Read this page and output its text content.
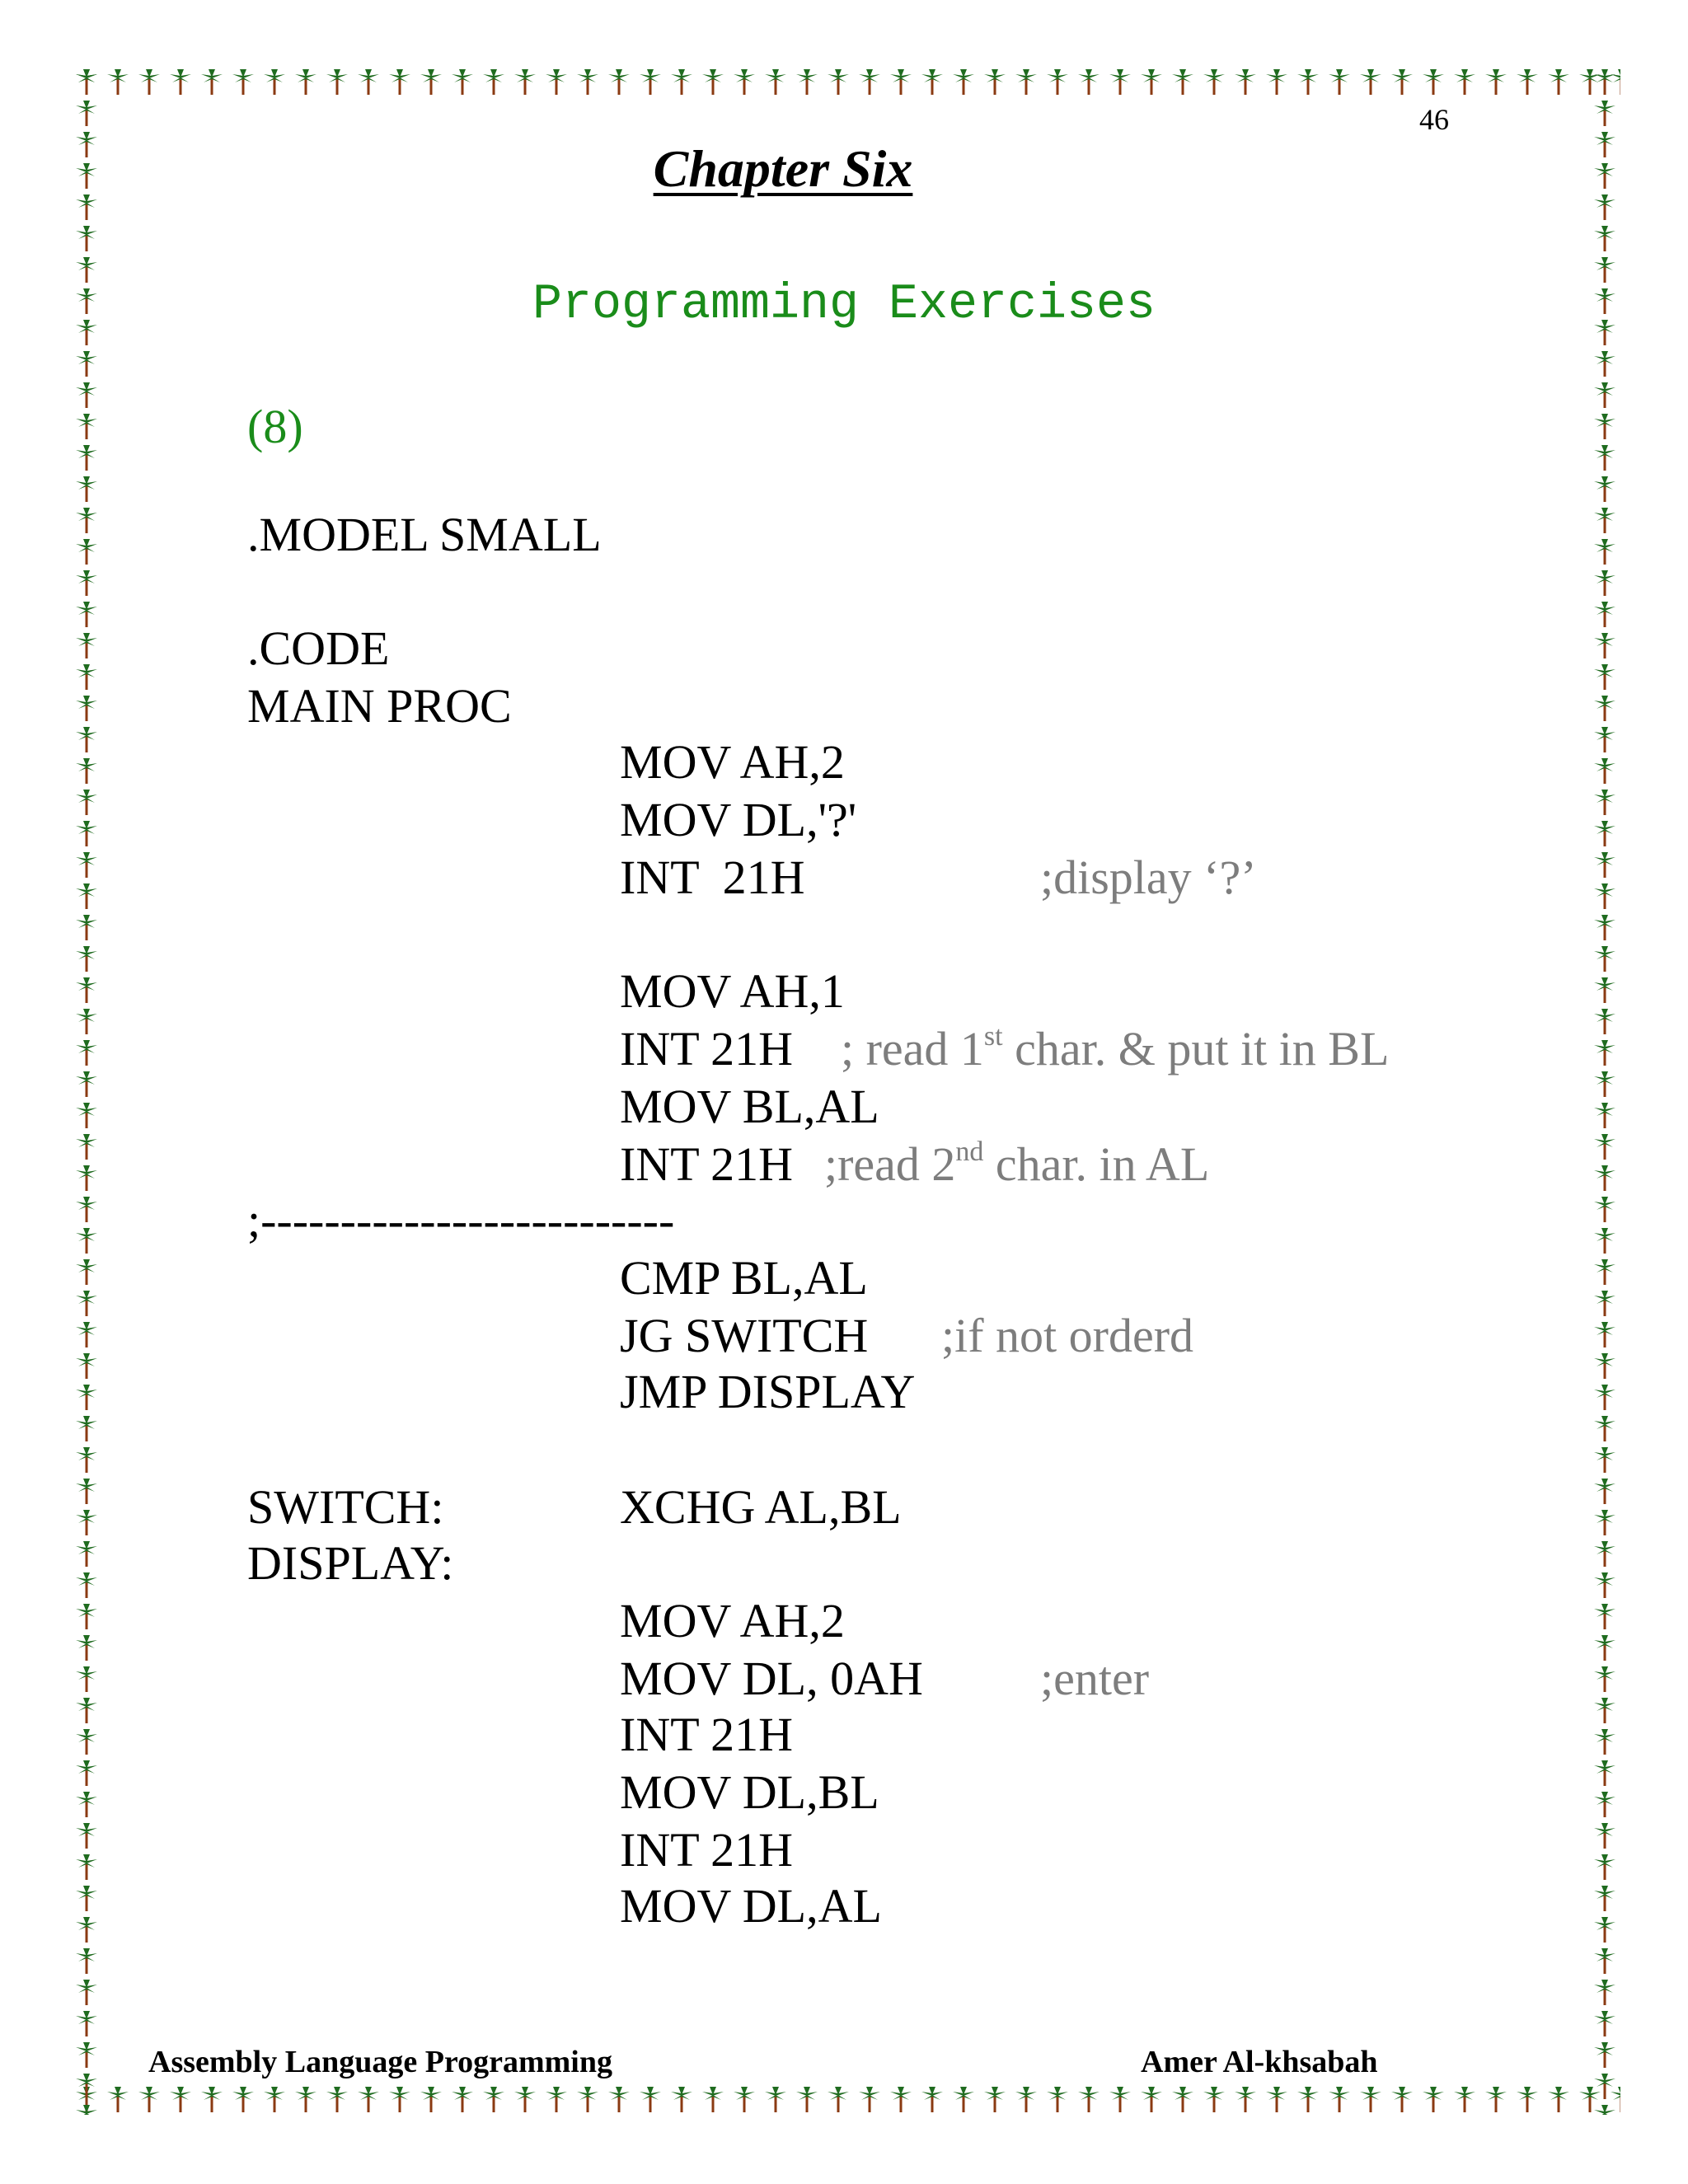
46
Chapter Six
Programming Exercises
(8)
.MODEL SMALL
.CODE
MAIN PROC
MOV AH,2
MOV DL,'?'
INT  21H	;display ‘?’
MOV AH,1
INT 21H ; read 1st char. & put it in BL
MOV BL,AL
INT 21H ;read 2nd char. in AL
;--------------------------
CMP BL,AL
JG SWITCH ;if not orderd
JMP DISPLAY
SWITCH:	XCHG AL,BL
DISPLAY:
MOV AH,2
MOV DL, 0AH ;enter
INT 21H
MOV DL,BL
INT 21H
MOV DL,AL
Assembly Language Programming	Amer Al-khsabah
